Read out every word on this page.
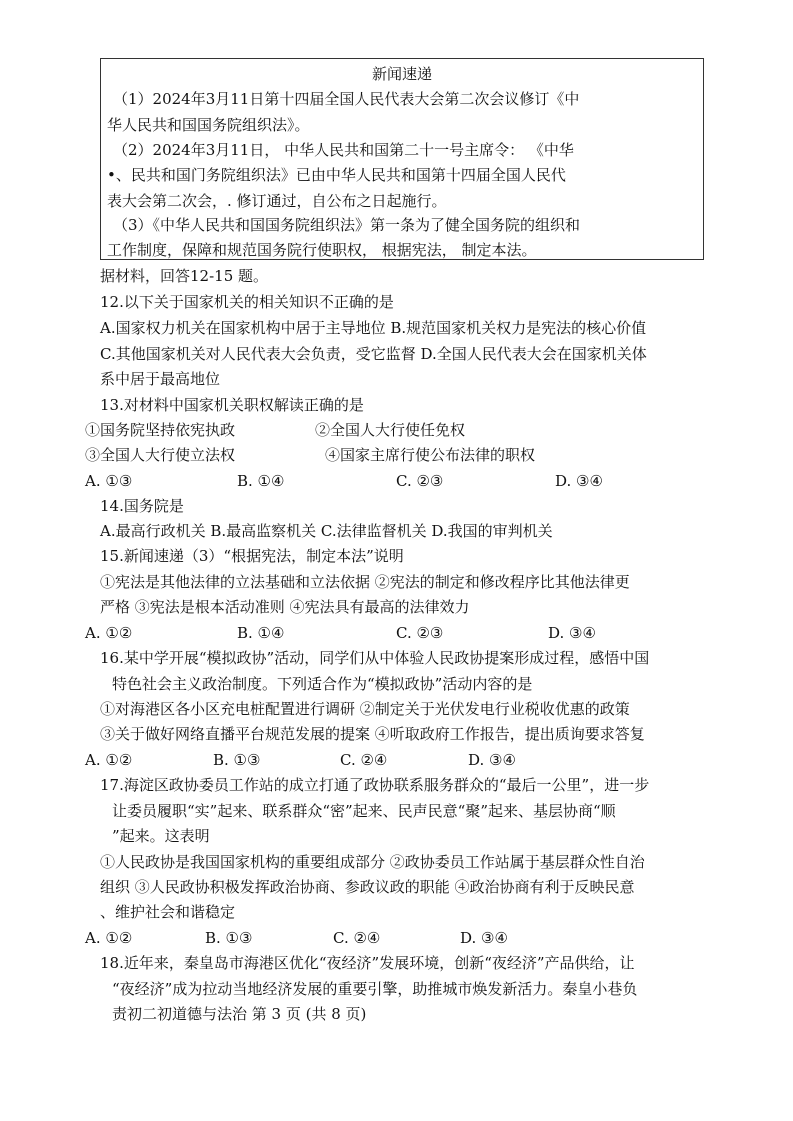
新闻速递
（1）2024年3月11日第十四届全国人民代表大会第二次会议修订《中
华人民共和国国务院组织法》。
（2）2024年3月11日， 中华人民共和国第二十一号主席令： 《中华
•、民共和国门务院组织法》已由中华人民共和国第十四届全国人民代
表大会第二次会，. 修订通过，自公布之日起施行。
（3）《中华人民共和国国务院组织法》第一条为了健全国务院的组织和
工作制度，保障和规范国务院行使职权， 根据宪法， 制定本法。
据材料，回答12-15 题。
12.以下关于国家机关的相关知识不正确的是
A.国家权力机关在国家机构中居于主导地位 B.规范国家机关权力是宪法的核心价值
C.其他国家机关对人民代表大会负责，受它监督 D.全国人民代表大会在国家机关体
系中居于最高地位
13.对材料中国家机关职权解读正确的是
①国务院坚持依宪执政	②全国人大行使任免权
③全国人大行使立法权	④国家主席行使公布法律的职权
A. ①③	B. ①④	C. ②③	D. ③④
14.国务院是
A.最高行政机关 B.最高监察机关 C.法律监督机关 D.我国的审判机关
15.新闻速递（3）“根据宪法，制定本法”说明
①宪法是其他法律的立法基础和立法依据 ②宪法的制定和修改程序比其他法律更
严格 ③宪法是根本活动准则 ④宪法具有最高的法律效力
A. ①②	B. ①④	C. ②③	D. ③④
16.某中学开展“模拟政协”活动，同学们从中体验人民政协提案形成过程，感悟中国
特色社会主义政治制度。下列适合作为“模拟政协”活动内容的是
①对海港区各小区充电桩配置进行调研 ②制定关于光伏发电行业税收优惠的政策
③关于做好网络直播平台规范发展的提案 ④听取政府工作报告，提出质询要求答复
A. ①②	B. ①③	C. ②④	D. ③④
17.海淀区政协委员工作站的成立打通了政协联系服务群众的“最后一公里”，进一步
让委员履职“实”起来、联系群众“密”起来、民声民意“聚”起来、基层协商“顺
”起来。这表明
①人民政协是我国国家机构的重要组成部分 ②政协委员工作站属于基层群众性自治
组织 ③人民政协积极发挥政治协商、参政议政的职能 ④政治协商有利于反映民意
、维护社会和谐稳定
A. ①②	B. ①③	C. ②④	D. ③④
18.近年来，秦皇岛市海港区优化“夜经济”发展环境，创新“夜经济”产品供给，让
“夜经济”成为拉动当地经济发展的重要引擎，助推城市焕发新活力。秦皇小巷负
责初二初道德与法治 第 3 页 (共 8 页)
